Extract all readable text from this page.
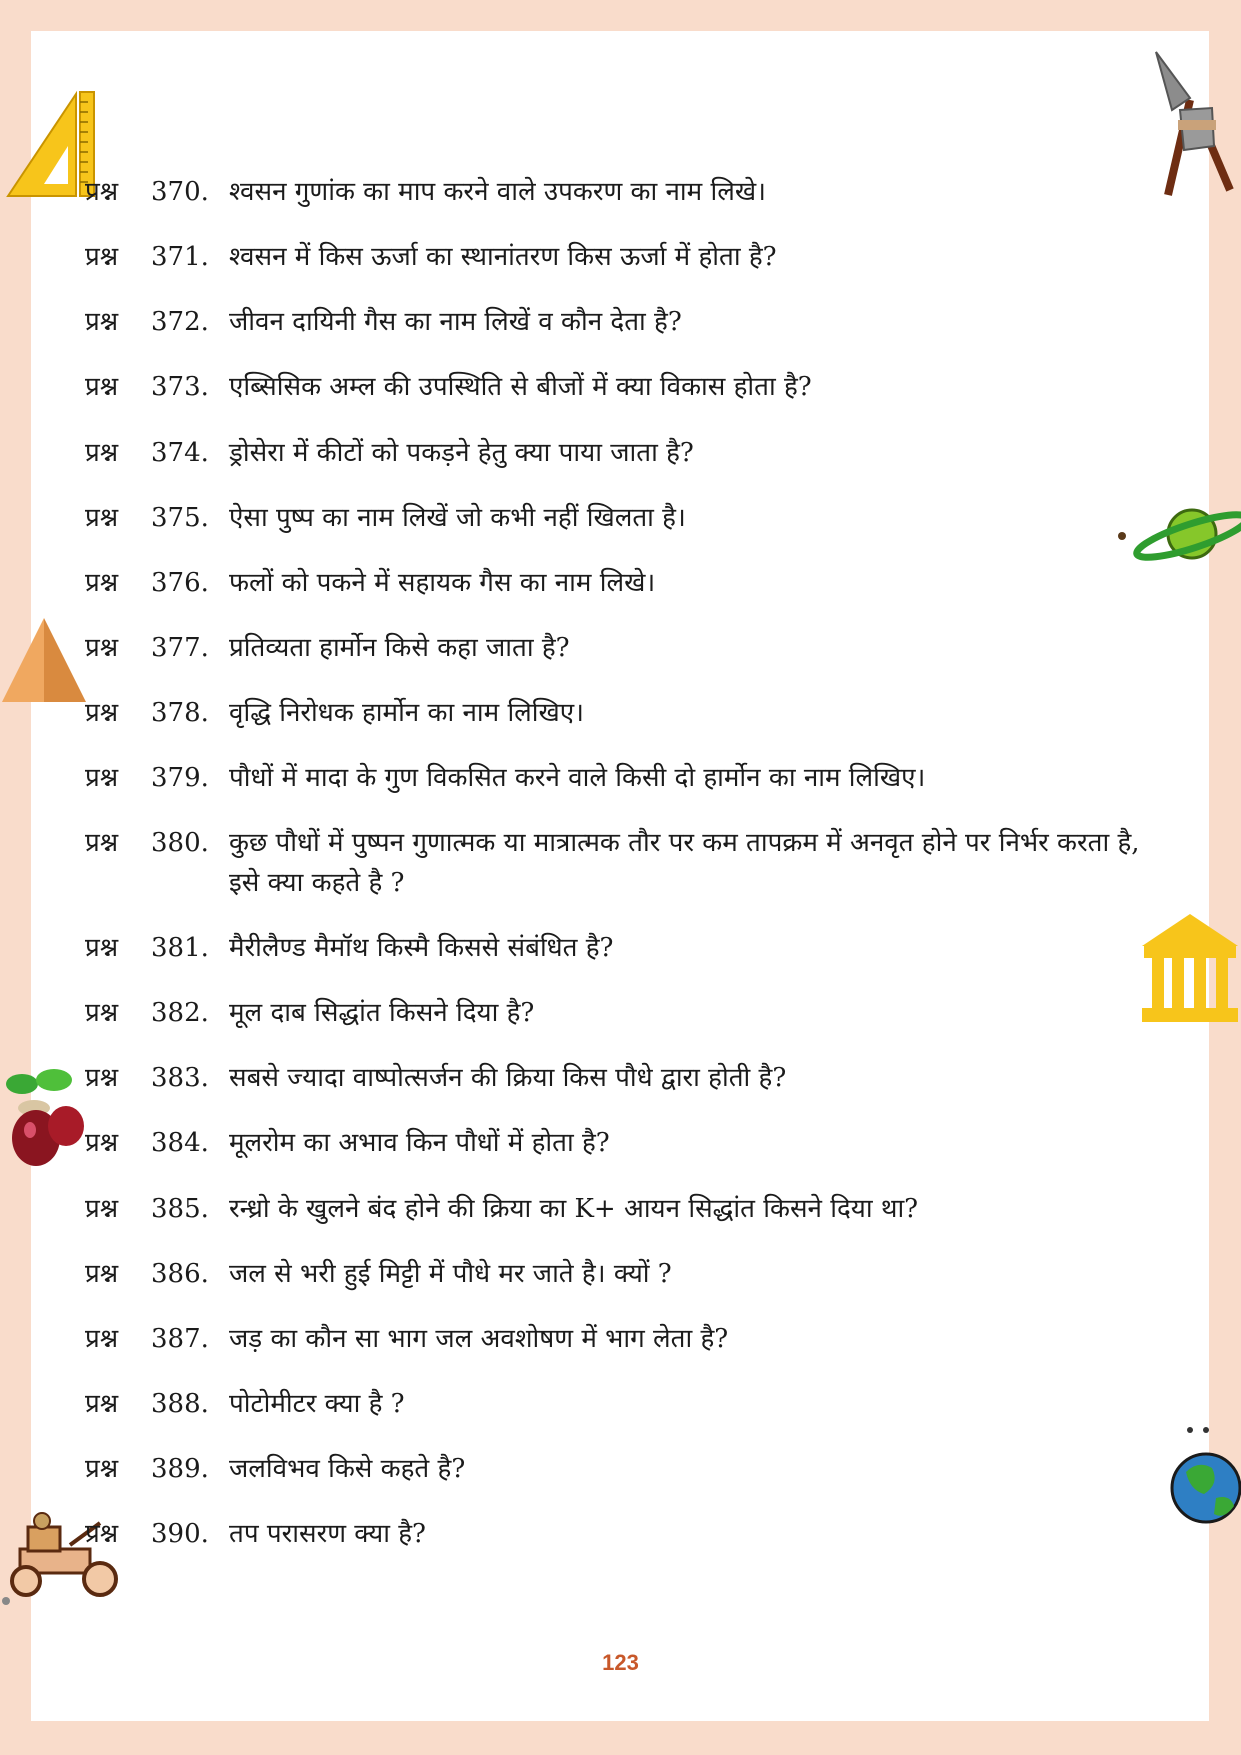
प्रश्न 370. श्वसन गुणांक का माप करने वाले उपकरण का नाम लिखे।
प्रश्न 371. श्वसन में किस ऊर्जा का स्थानांतरण किस ऊर्जा में होता है?
प्रश्न 372. जीवन दायिनी गैस का नाम लिखें व कौन देता है?
प्रश्न 373. एब्सिसिक अम्ल की उपस्थिति से बीजों में क्या विकास होता है?
प्रश्न 374. ड्रोसेरा में कीटों को पकड़ने हेतु क्या पाया जाता है?
प्रश्न 375. ऐसा पुष्प का नाम लिखें जो कभी नहीं खिलता है।
प्रश्न 376. फलों को पकने में सहायक गैस का नाम लिखे।
प्रश्न 377. प्रतिव्यता हार्मोन किसे कहा जाता है?
प्रश्न 378. वृद्धि निरोधक हार्मोन का नाम लिखिए।
प्रश्न 379. पौधों में मादा के गुण विकसित करने वाले किसी दो हार्मोन का नाम लिखिए।
प्रश्न 380. कुछ पौधों में पुष्पन गुणात्मक या मात्रात्मक तौर पर कम तापक्रम में अनवृत होने पर निर्भर करता है, इसे क्या कहते है ?
प्रश्न 381. मैरीलैण्ड मैमॉथ किस्मै किससे संबंधित है?
प्रश्न 382. मूल दाब सिद्धांत किसने दिया है?
प्रश्न 383. सबसे ज्यादा वाष्पोत्सर्जन की क्रिया किस पौधे द्वारा होती है?
प्रश्न 384. मूलरोम का अभाव किन पौधों में होता है?
प्रश्न 385. रन्ध्रो के खुलने बंद होने की क्रिया का K+ आयन सिद्धांत किसने दिया था?
प्रश्न 386. जल से भरी हुई मिट्टी में पौधे मर जाते है। क्यों ?
प्रश्न 387. जड़ का कौन सा भाग जल अवशोषण में भाग लेता है?
प्रश्न 388. पोटोमीटर क्या है ?
प्रश्न 389. जलविभव किसे कहते है?
प्रश्न 390. तप परासरण क्या है?
123
